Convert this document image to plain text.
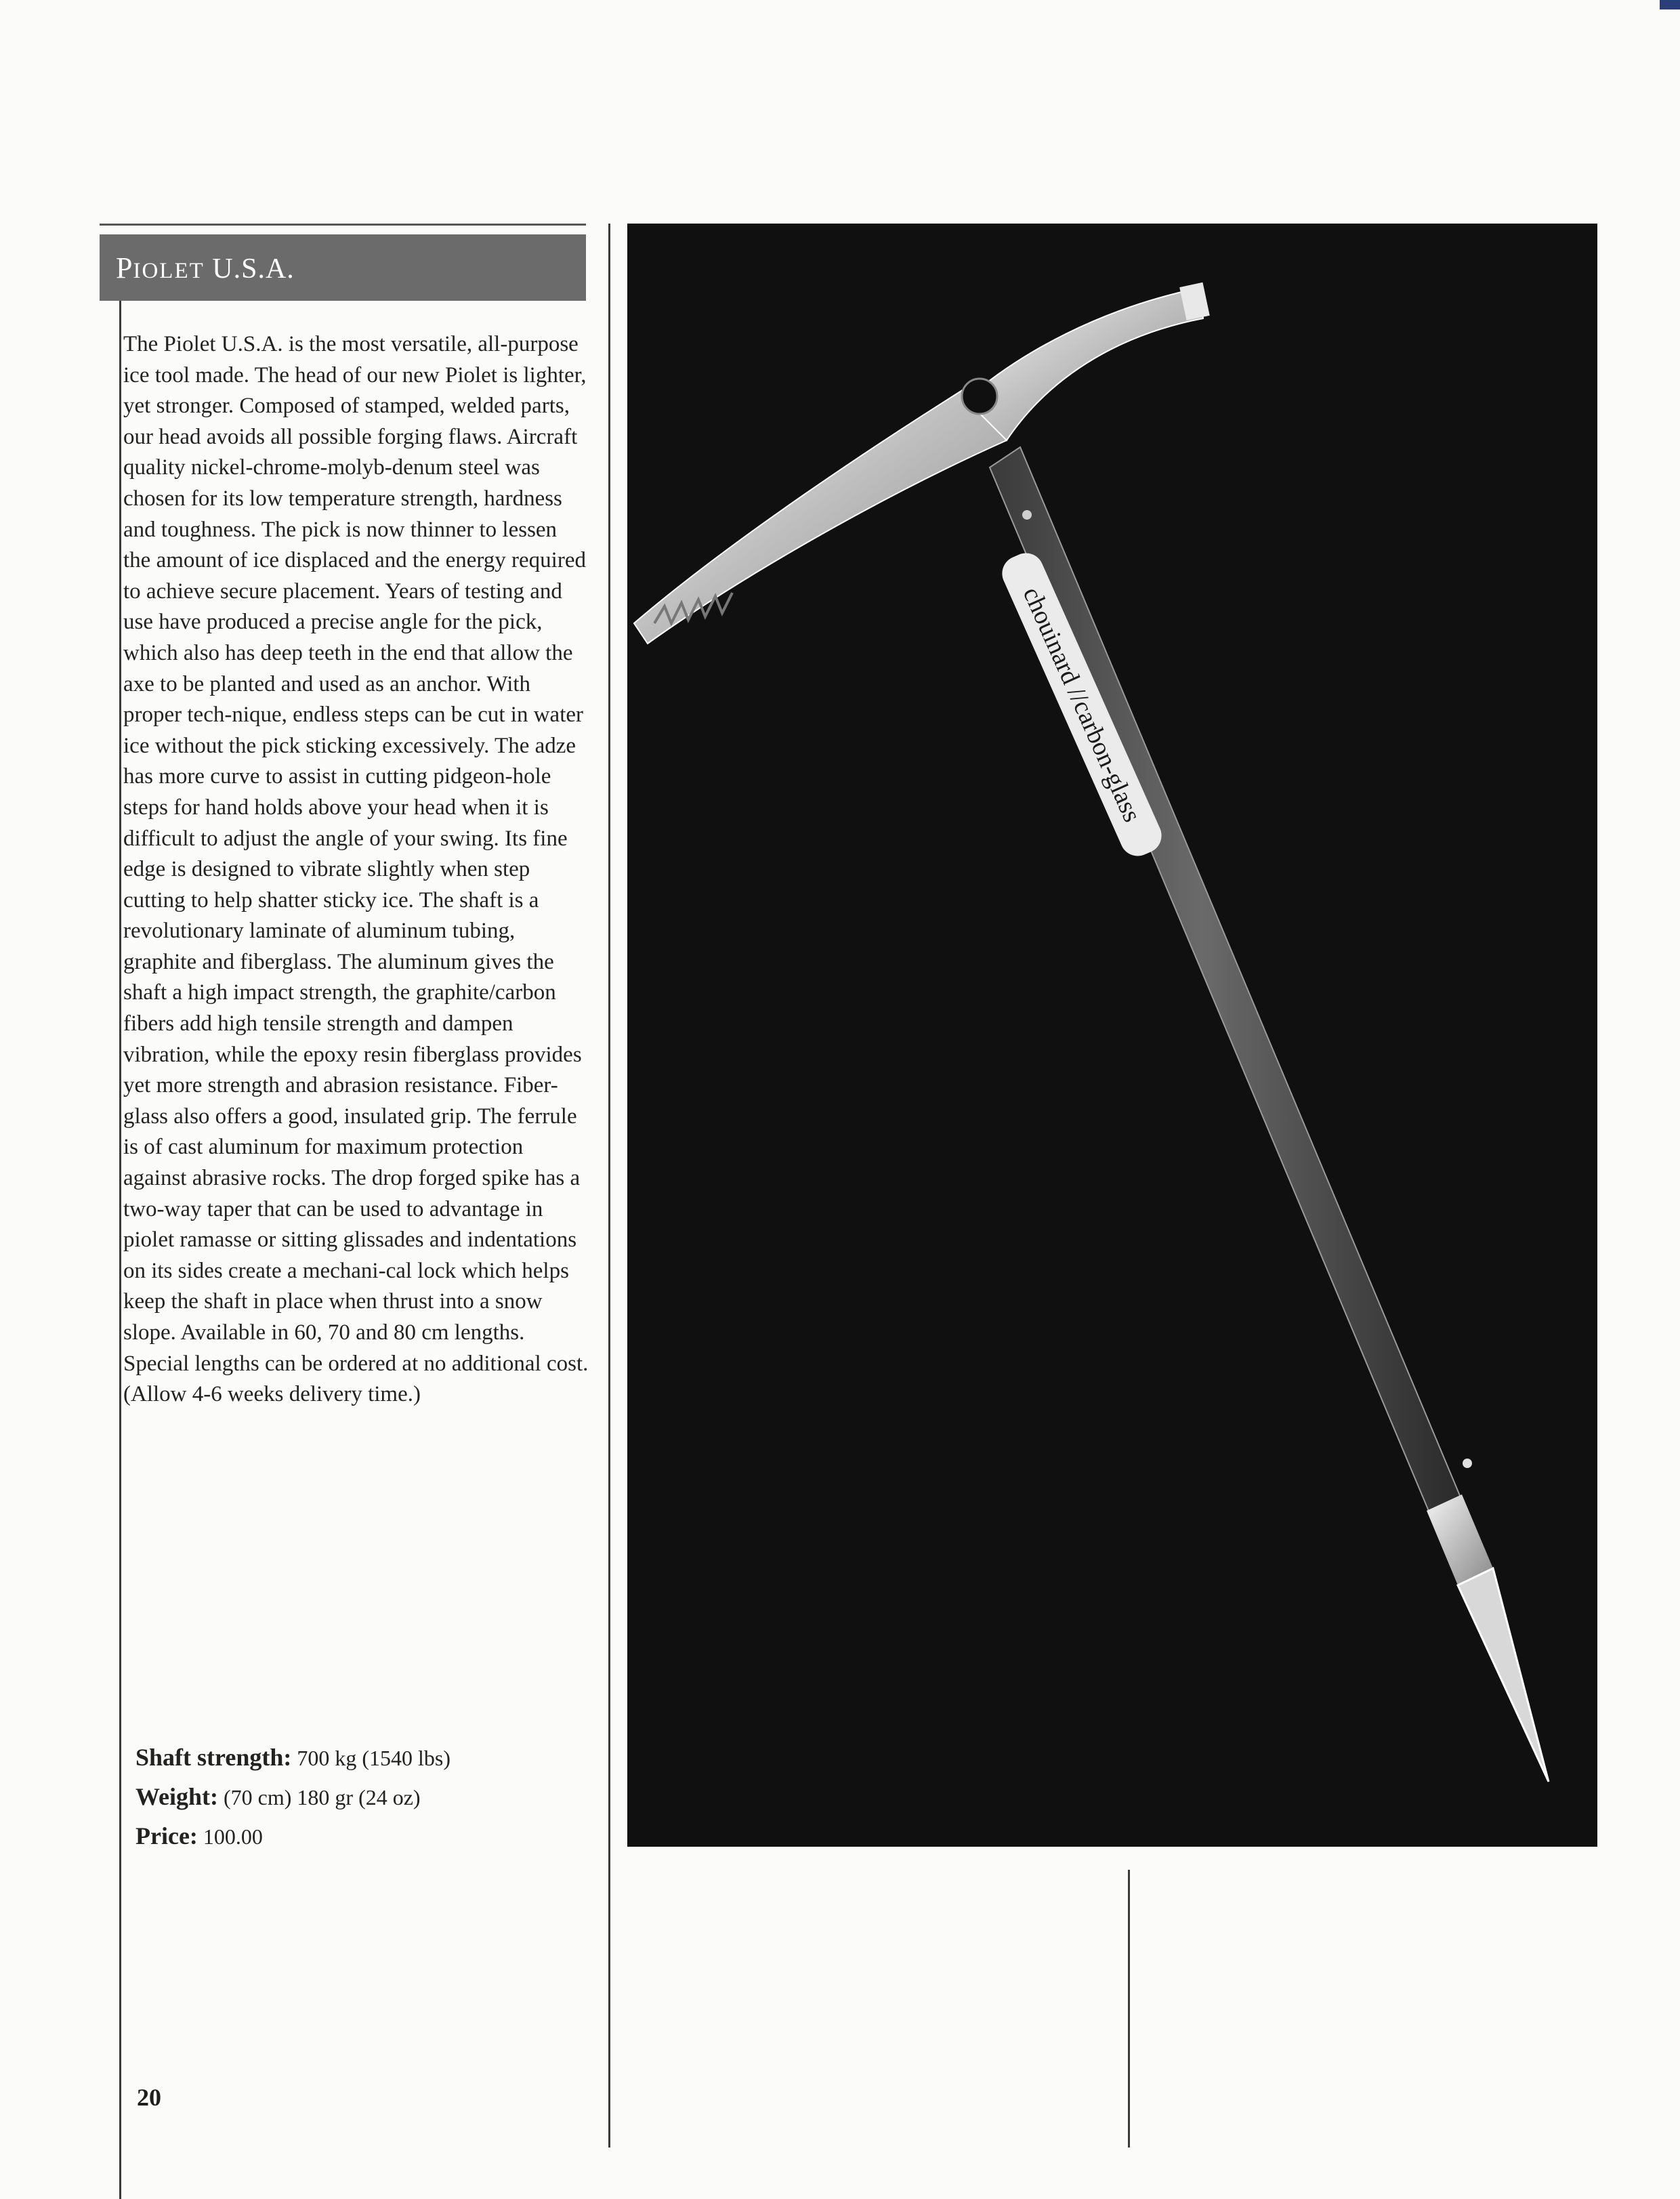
PIOLET U.S.A.

The Piolet U.S.A. is the most versatile, all-purpose ice tool made. The head of our new Piolet is lighter, yet stronger. Composed of stamped, welded parts, our head avoids all possible forging flaws. Aircraft quality nickel-chrome-molyb-denum steel was chosen for its low temperature strength, hardness and toughness. The pick is now thinner to lessen the amount of ice displaced and the energy required to achieve secure placement. Years of testing and use have produced a precise angle for the pick, which also has deep teeth in the end that allow the axe to be planted and used as an anchor. With proper tech-nique, endless steps can be cut in water ice without the pick sticking excessively. The adze has more curve to assist in cutting pidgeon-hole steps for hand holds above your head when it is difficult to adjust the angle of your swing. Its fine edge is designed to vibrate slightly when step cutting to help shatter sticky ice. The shaft is a revolutionary laminate of aluminum tubing, graphite and fiberglass. The aluminum gives the shaft a high impact strength, the graphite/carbon fibers add high tensile strength and dampen vibration, while the epoxy resin fiberglass provides yet more strength and abrasion resistance. Fiber-glass also offers a good, insulated grip. The ferrule is of cast aluminum for maximum protection against abrasive rocks. The drop forged spike has a two-way taper that can be used to advantage in piolet ramasse or sitting glissades and indentations on its sides create a mechani-cal lock which helps keep the shaft in place when thrust into a snow slope. Available in 60, 70 and 80 cm lengths. Special lengths can be ordered at no additional cost. (Allow 4-6 weeks delivery time.)

Shaft strength: 700 kg (1540 lbs)
Weight: (70 cm) 180 gr (24 oz)
Price: 100.00
20
chouinard //carbon-glass
